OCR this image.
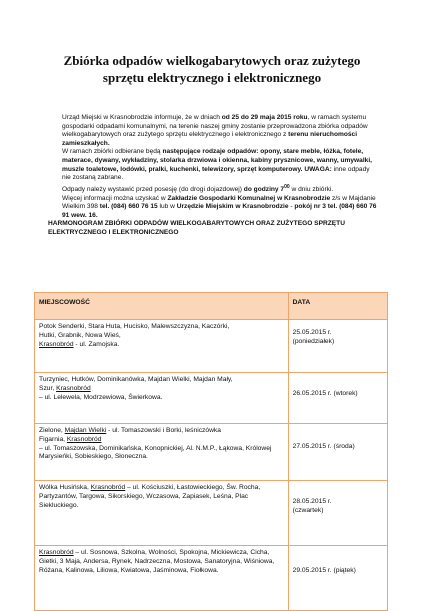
Zbiórka odpadów wielkogabarytowych oraz zużytego
sprzętu elektrycznego i elektronicznego

Urząd Miejski w Krasnobrodzie informuje, że w dniach od 25 do 29 maja 2015 roku, w ramach systemu gospodarki odpadami komunalnymi, na terenie naszej gminy zostanie przeprowadzona zbiórka odpadów wielkogabarytowych oraz zużytego sprzętu elektrycznego i elektronicznego z terenu nieruchomości zamieszkałych.

W ramach zbiórki odbierane będą następujące rodzaje odpadów: opony, stare meble, łóżka, fotele, materace, dywany, wykładziny, stolarka drzwiowa i okienna, kabiny prysznicowe, wanny, umywalki, muszle toaletowe, lodówki, pralki, kuchenki, telewizory, sprzęt komputerowy. UWAGA: inne odpady nie zostaną zabrane.

Odpady należy wystawić przed posesję (do drogi dojazdowej) do godziny $7^{00}$ w dniu zbiórki.

Więcej informacji można uzyskać w Zakładzie Gospodarki Komunalnej w Krasnobrodzie z/s w Majdanie Wielkim 398 tel. (084) 660 76 15 lub w Urzędzie Miejskim w Krasnobrodzie - pokój nr 3 tel. (084) 660 76 91 wew. 16.

HARMONOGRAM ZBIÓRKI ODPADÓW WIELKOGABARYTOWYCH ORAZ ZUŻYTEGO SPRZĘTU ELEKTRYCZNEGO I ELEKTRONICZNEGO

MIEJSCOWOŚĆ	DATA
Potok Senderki, Stara Huta, Hucisko, Malewszczyzna, Kaczórki,
Hutki, Grabnik, Nowa Wieś,
Krasnobród - ul. Zamojska.	25.05.2015 r.
(poniedziałek)

Turzyniec, Hutków, Dominikanówka, Majdan Wielki, Majdan Mały,
Szur, Krasnobród
– ul. Lelewela, Modrzewiowa, Świerkowa.	26.05.2015 r. (wtorek)

Zielone, Majdan Wielki - ul. Tomaszowski i Borki, leśniczówka
Figarnia, Krasnobród
– ul. Tomaszowska, Dominikańska, Konopnickiej, Al. N.M.P., Łąkowa, Królowej Marysieńki, Sobieskiego, Słoneczna.	27.05.2015 r. (środa)

Wólka Husińska, Krasnobród – ul. Kościuszki, Łastowieckiego, Św. Rocha, Partyzantów, Targowa, Sikorskiego, Wczasowa, Zapiasek, Leśna, Plac Siekluckiego.	28.05.2015 r.
(czwartek)

Krasnobród – ul. Sosnowa, Szkolna, Wolności, Spokojna, Mickiewicza, Cicha, Gietki, 3 Maja, Andersa, Rynek, Nadrzeczna, Mostowa, Sanatoryjna, Wiśniowa, Różana, Kalinowa, Liliowa, Kwiatowa, Jaśminowa, Fiołkowa.	29.05.2015 r. (piątek)
